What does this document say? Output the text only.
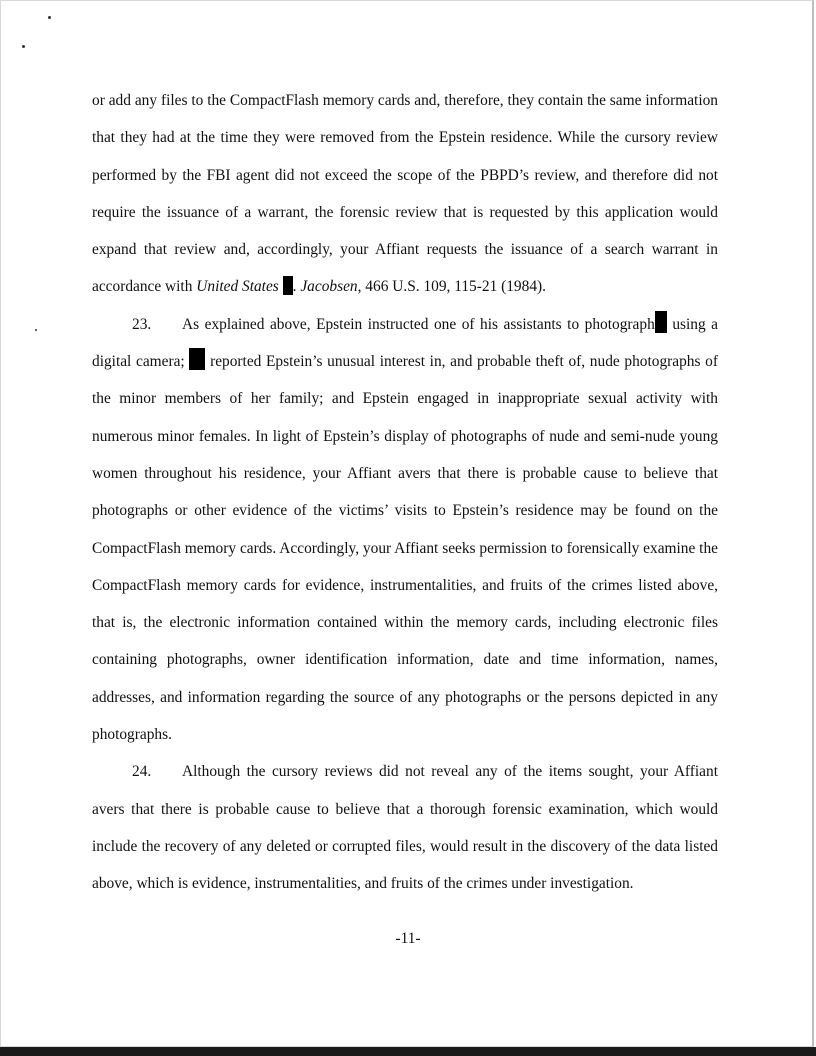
or add any files to the CompactFlash memory cards and, therefore, they contain the same information that they had at the time they were removed from the Epstein residence. While the cursory review performed by the FBI agent did not exceed the scope of the PBPD’s review, and therefore did not require the issuance of a warrant, the forensic review that is requested by this application would expand that review and, accordingly, your Affiant requests the issuance of a search warrant in accordance with United States . Jacobsen, 466 U.S. 109, 115-21 (1984).

23. As explained above, Epstein instructed one of his assistants to photograph using a digital camera; reported Epstein’s unusual interest in, and probable theft of, nude photographs of the minor members of her family; and Epstein engaged in inappropriate sexual activity with numerous minor females. In light of Epstein’s display of photographs of nude and semi-nude young women throughout his residence, your Affiant avers that there is probable cause to believe that photographs or other evidence of the victims’ visits to Epstein’s residence may be found on the CompactFlash memory cards. Accordingly, your Affiant seeks permission to forensically examine the CompactFlash memory cards for evidence, instrumentalities, and fruits of the crimes listed above, that is, the electronic information contained within the memory cards, including electronic files containing photographs, owner identification information, date and time information, names, addresses, and information regarding the source of any photographs or the persons depicted in any photographs.

24. Although the cursory reviews did not reveal any of the items sought, your Affiant avers that there is probable cause to believe that a thorough forensic examination, which would include the recovery of any deleted or corrupted files, would result in the discovery of the data listed above, which is evidence, instrumentalities, and fruits of the crimes under investigation.

-11-
